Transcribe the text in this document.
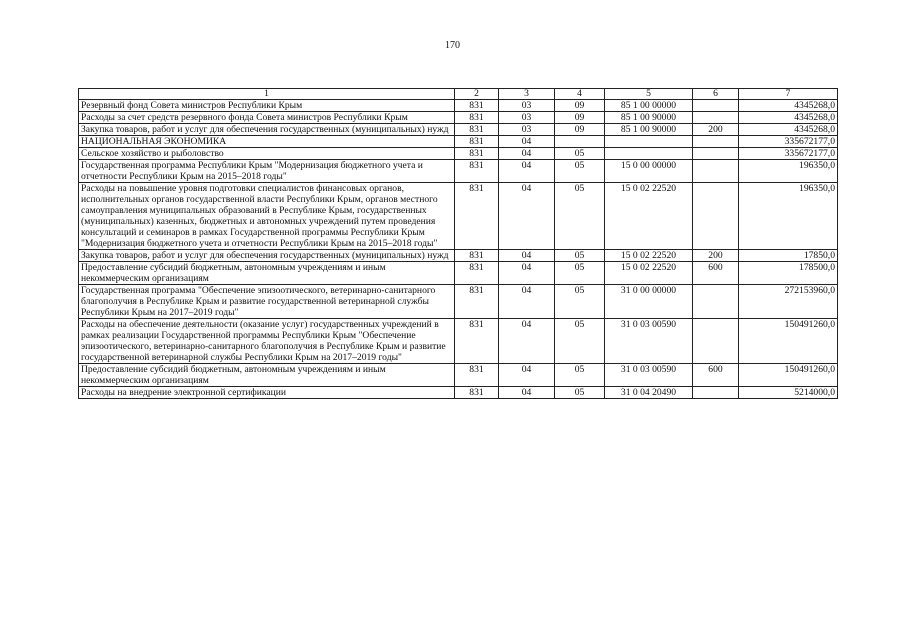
170
1	2	3	4	5	6	7
Резервный фонд Совета министров Республики Крым	831	03	09	85 1 00 00000		4345268,0
Расходы за счет средств резервного фонда Совета министров Республики Крым	831	03	09	85 1 00 90000		4345268,0
Закупка товаров, работ и услуг для обеспечения государственных (муниципальных) нужд	831	03	09	85 1 00 90000	200	4345268,0
НАЦИОНАЛЬНАЯ ЭКОНОМИКА	831	04				335672177,0
Сельское хозяйство и рыболовство	831	04	05			335672177,0
Государственная программа Республики Крым "Модернизация бюджетного учета и отчетности Республики Крым на 2015–2018 годы"	831	04	05	15 0 00 00000		196350,0
Расходы на повышение уровня подготовки специалистов финансовых органов, исполнительных органов государственной власти Республики Крым, органов местного самоуправления муниципальных образований в Республике Крым, государственных (муниципальных) казенных, бюджетных и автономных учреждений путем проведения консультаций и семинаров в рамках Государственной программы Республики Крым "Модернизация бюджетного учета и отчетности Республики Крым на 2015–2018 годы"	831	04	05	15 0 02 22520		196350,0
Закупка товаров, работ и услуг для обеспечения государственных (муниципальных) нужд	831	04	05	15 0 02 22520	200	17850,0
Предоставление субсидий бюджетным, автономным учреждениям и иным некоммерческим организациям	831	04	05	15 0 02 22520	600	178500,0
Государственная программа "Обеспечение эпизоотического, ветеринарно-санитарного благополучия в Республике Крым и развитие государственной ветеринарной службы Республики Крым на 2017–2019 годы"	831	04	05	31 0 00 00000		272153960,0
Расходы на обеспечение деятельности (оказание услуг) государственных учреждений в рамках реализации Государственной программы Республики Крым "Обеспечение эпизоотического, ветеринарно-санитарного благополучия в Республике Крым и развитие государственной ветеринарной службы Республики Крым на 2017–2019 годы"	831	04	05	31 0 03 00590		150491260,0
Предоставление субсидий бюджетным, автономным учреждениям и иным некоммерческим организациям	831	04	05	31 0 03 00590	600	150491260,0
Расходы на внедрение электронной сертификации	831	04	05	31 0 04 20490		5214000,0
